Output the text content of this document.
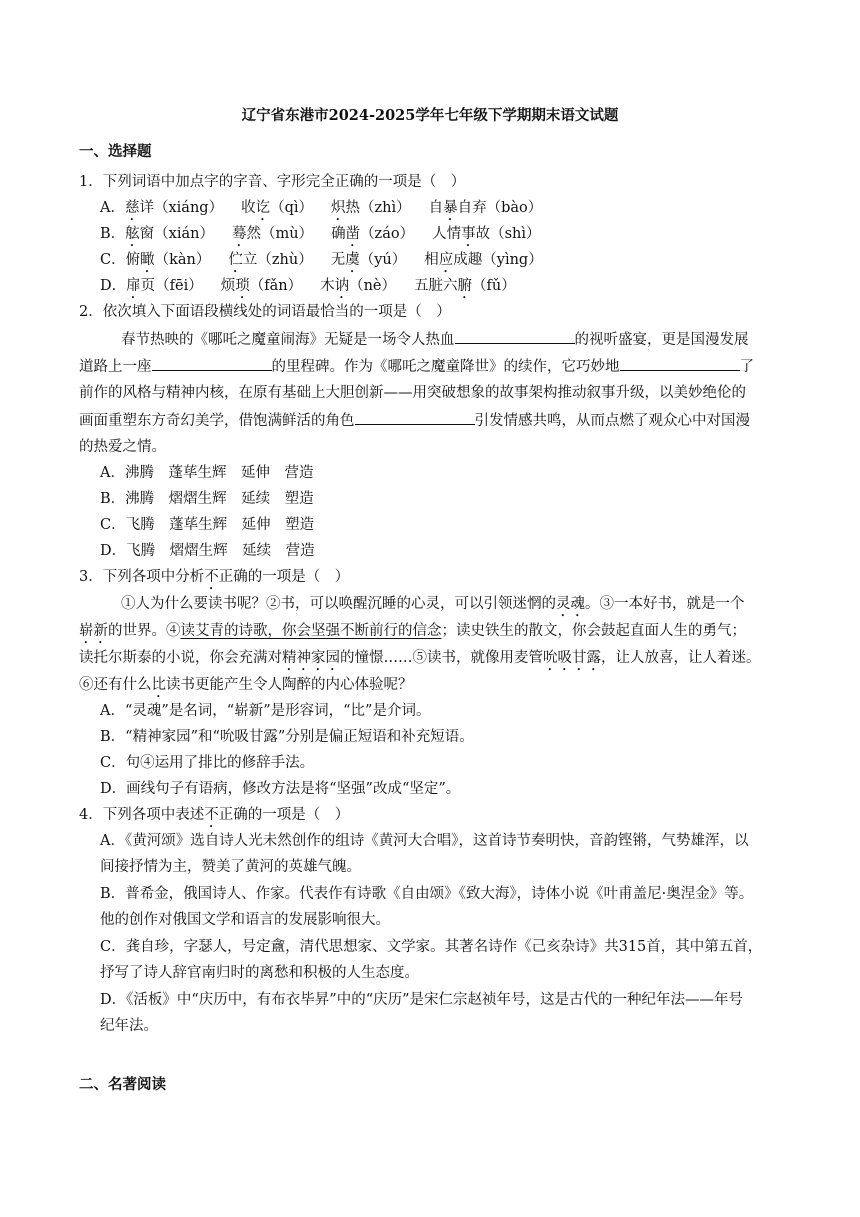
辽宁省东港市2024-2025学年七年级下学期期末语文试题
一、选择题
1．下列词语中加点字的字音、字形完全正确的一项是（　）
A．慈详（xiáng） 收讫（qì） 炽热（zhì） 自暴自弃（bào）
B．舷窗（xián） 蓦然（mù） 确凿（záo） 人情事故（shì）
C．俯瞰（kàn） 伫立（zhù） 无虞（yú） 相应成趣（yìng）
D．扉页（fēi） 烦琐（fǎn） 木讷（nè） 五脏六腑（fǔ）
2．依次填入下面语段横线处的词语最恰当的一项是（　）
春节热映的《哪吒之魔童闹海》无疑是一场令人热血	的视听盛宴，更是国漫发展
道路上一座	的里程碑。作为《哪吒之魔童降世》的续作，它巧妙地	了
前作的风格与精神内核，在原有基础上大胆创新——用突破想象的故事架构推动叙事升级，以美妙绝伦的
画面重塑东方奇幻美学，借饱满鲜活的角色	引发情感共鸣，从而点燃了观众心中对国漫
的热爱之情。
A．沸腾　蓬荜生辉　延伸　营造
B．沸腾　熠熠生辉　延续　塑造
C．飞腾　蓬荜生辉　延伸　塑造
D．飞腾　熠熠生辉　延续　营造
3．下列各项中分析不正确的一项是（　）
①人为什么要读书呢？②书，可以唤醒沉睡的心灵，可以引领迷惘的灵魂。③一本好书，就是一个
崭新的世界。④读艾青的诗歌，你会坚强不断前行的信念；读史铁生的散文，你会鼓起直面人生的勇气；
读托尔斯泰的小说，你会充满对精神家园的憧憬……⑤读书，就像用麦管吮吸甘露，让人放喜，让人着迷。
⑥还有什么比读书更能产生令人陶醉的内心体验呢？
A．“灵魂”是名词，“崭新”是形容词，“比”是介词。
B．“精神家园”和“吮吸甘露”分别是偏正短语和补充短语。
C．句④运用了排比的修辞手法。
D．画线句子有语病，修改方法是将“坚强”改成“坚定”。
4．下列各项中表述不正确的一项是（　）
A．《黄河颂》选自诗人光未然创作的组诗《黄河大合唱》，这首诗节奏明快，音韵铿锵，气势雄浑，以
间接抒情为主，赞美了黄河的英雄气魄。
B．普希金，俄国诗人、作家。代表作有诗歌《自由颂》《致大海》，诗体小说《叶甫盖尼·奥涅金》等。
他的创作对俄国文学和语言的发展影响很大。
C．龚自珍，字瑟人，号定盦，清代思想家、文学家。其著名诗作《己亥杂诗》共315首，其中第五首，
抒写了诗人辞官南归时的离愁和积极的人生态度。
D．《活板》中“庆历中，有布衣毕昇”中的“庆历”是宋仁宗赵祯年号，这是古代的一种纪年法——年号
纪年法。
二、名著阅读
